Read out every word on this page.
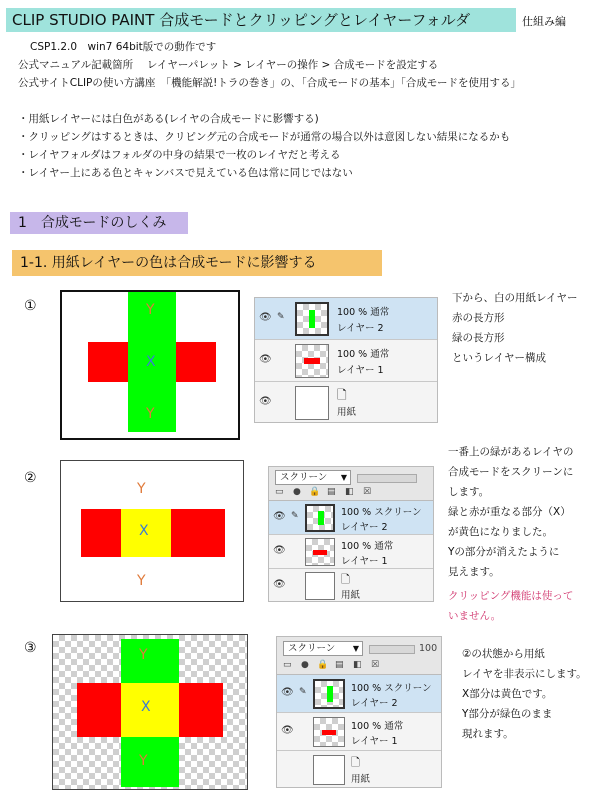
CLIP STUDIO PAINT 合成モードとクリッピングとレイヤーフォルダ	仕組み編
CSP1.2.0　win7 64bit版での動作です
公式マニュアル記載箇所　 レイヤーパレット > レイヤーの操作 > 合成モードを設定する
公式サイトCLIPの使い方講座　「機能解説!トラの巻き」の､「合成モードの基本」「合成モードを使用する」
・用紙レイヤーには白色がある(レイヤの合成モードに影響する)
・クリッピングはするときは、クリピング元の合成モードが通常の場合以外は意図しない結果になるかも
・レイヤフォルダはフォルダの中身の結果で一枚のレイヤだと考える
・レイヤー上にある色とキャンバスで見えている色は常に同じではない
1　合成モードのしくみ
1-1. 用紙レイヤーの色は合成モードに影響する
①	Y
X
Y
👁 ✎	100 % 通常
レイヤー 2
👁	100 % 通常
レイヤー 1
👁	🗋
用紙
下から、白の用紙レイヤー
赤の長方形
緑の長方形
というレイヤー構成
②
Y
X
Y
スクリーン ▼
▭ ● 🔒 ▤ ◧ ☒
👁 ✎	100 % スクリーン
レイヤー 2
👁	100 % 通常
レイヤー 1
👁	🗋
用紙
一番上の緑があるレイヤの
合成モードをスクリーンに
します。
緑と赤が重なる部分（X）
が黄色になりました。
Yの部分が消えたように
見えます。
クリッピング機能は使って
いません。
③	Y
X
Y
スクリーン ▼	100
▭ ● 🔒 ▤ ◧ ☒
👁 ✎	100 % スクリーン
レイヤー 2
👁	100 % 通常
レイヤー 1
🗋
用紙
②の状態から用紙
レイヤを非表示にします。
X部分は黄色です。
Y部分が緑色のまま
現れます。
